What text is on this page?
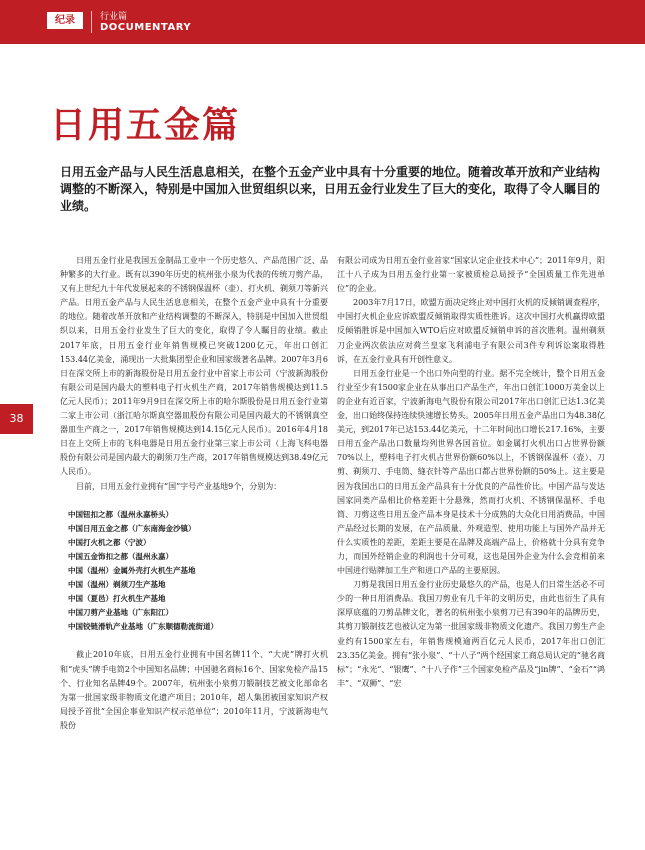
纪录	行业篇
DOCUMENTARY
日用五金篇

日用五金产品与人民生活息息相关，在整个五金产业中具有十分重要的地位。随着改革开放和产业结构调整的不断深入，特别是中国加入世贸组织以来，日用五金行业发生了巨大的变化，取得了令人瞩目的业绩。

38

日用五金行业是我国五金制品工业中一个历史悠久、产品范围广泛、品种繁多的大行业。既有以390年历史的杭州张小泉为代表的传统刀剪产品，又有上世纪九十年代发展起来的不锈钢保温杯（壶）、打火机、剃须刀等新兴产品。日用五金产品与人民生活息息相关，在整个五金产业中具有十分重要的地位。随着改革开放和产业结构调整的不断深入，特别是中国加入世贸组织以来，日用五金行业发生了巨大的变化，取得了令人瞩目的业绩。截止2017年底，日用五金行业年销售规模已突破1200亿元，年出口创汇153.44亿美金，涌现出一大批集团型企业和国家级著名品牌。2007年3月6日在深交所上市的新海股份是日用五金行业中首家上市公司（宁波新海股份有限公司是国内最大的塑料电子打火机生产商，2017年销售规模达到11.5亿元人民币）；2011年9月9日在深交所上市的哈尔斯股份是日用五金行业第二家上市公司（浙江哈尔斯真空器皿股份有限公司是国内最大的不锈钢真空器皿生产商之一，2017年销售规模达到14.15亿元人民币）。2016年4月18日在上交所上市的飞科电器是日用五金行业第三家上市公司（上海飞科电器股份有限公司是国内最大的剃须刀生产商，2017年销售规模达到38.49亿元人民币）。

目前，日用五金行业拥有“国”字号产业基地9个，分别为：

中国钮扣之都（温州永嘉桥头）
中国日用五金之都（广东南海金沙镇）
中国打火机之都（宁波）
中国五金饰扣之都（温州永嘉）
中国（温州）金属外壳打火机生产基地
中国（温州）剃须刀生产基地
中国（夏邑）打火机生产基地
中国刀剪产业基地（广东阳江）
中国铰链滑轨产业基地（广东顺德勒流街道）

截止2010年底，日用五金行业拥有中国名牌11个、“大虎”牌打火机和“虎头”牌手电筒2个中国知名品牌；中国驰名商标16个、国家免检产品15个、行业知名品牌49个。2007年，杭州张小泉剪刀锻制技艺被文化部命名为第一批国家级非物质文化遗产项目；2010年，超人集团被国家知识产权局授予首批“全国企事业知识产权示范单位”；2010年11月，宁波新海电气股份

有限公司成为日用五金行业首家“国家认定企业技术中心”；2011年9月，阳江十八子成为日用五金行业第一家被质检总局授予“全国质量工作先进单位”的企业。

2003年7月17日，欧盟方面决定终止对中国打火机的反倾销调查程序，中国打火机企业应诉欧盟反倾销取得实质性胜诉。这次中国打火机赢得欧盟反倾销胜诉是中国加入WTO后应对欧盟反倾销申诉的首次胜利。温州剃须刀企业两次依法应对荷兰皇家飞利浦电子有限公司3件专利诉讼案取得胜诉，在五金行业具有开创性意义。

日用五金行业是一个出口外向型的行业。据不完全统计，整个日用五金行业至少有1500家企业在从事出口产品生产，年出口创汇1000万美金以上的企业有近百家，宁波新海电气股份有限公司2017年出口创汇已达1.3亿美金，出口始终保持连续快速增长势头。2005年日用五金产品出口为48.38亿美元，到2017年已达153.44亿美元，十二年时间出口增长217.16%，主要日用五金产品出口数量均列世界各国首位。如金属打火机出口占世界份额70%以上，塑料电子打火机占世界份额60%以上，不锈钢保温杯（壶）、刀剪、剃须刀、手电筒、缝衣针等产品出口都占世界份额的50%上。这主要是因为我国出口的日用五金产品具有十分优良的产品性价比。中国产品与发达国家同类产品相比价格差距十分悬殊，然而打火机、不锈钢保温杯、手电筒、刀剪这些日用五金产品本身是技术十分成熟的大众化日用消费品，中国产品经过长期的发展，在产品质量、外观造型、使用功能上与国外产品并无什么实质性的差距，差距主要是在品牌及高端产品上，价格就十分具有竞争力，而国外经销企业的利润也十分可观，这也是国外企业为什么会竞相前来中国进行贴牌加工生产和进口产品的主要原因。

刀剪是我国日用五金行业历史最悠久的产品，也是人们日常生活必不可少的一种日用消费品。我国刀剪业有几千年的文明历史，由此也衍生了具有深厚底蕴的刀剪品牌文化，著名的杭州张小泉剪刀已有390年的品牌历史，其剪刀锻制技艺也被认定为第一批国家级非物质文化遗产。我国刀剪生产企业约有1500家左右，年销售规模逾两百亿元人民币，2017年出口创汇23.35亿美金。拥有“张小泉”、“十八子”两个经国家工商总局认定的“驰名商标”；“永光”、“银鹰”、“十八子作”三个国家免检产品及“jin牌”、“金石”“鸿丰”、“双狮”、“宏
